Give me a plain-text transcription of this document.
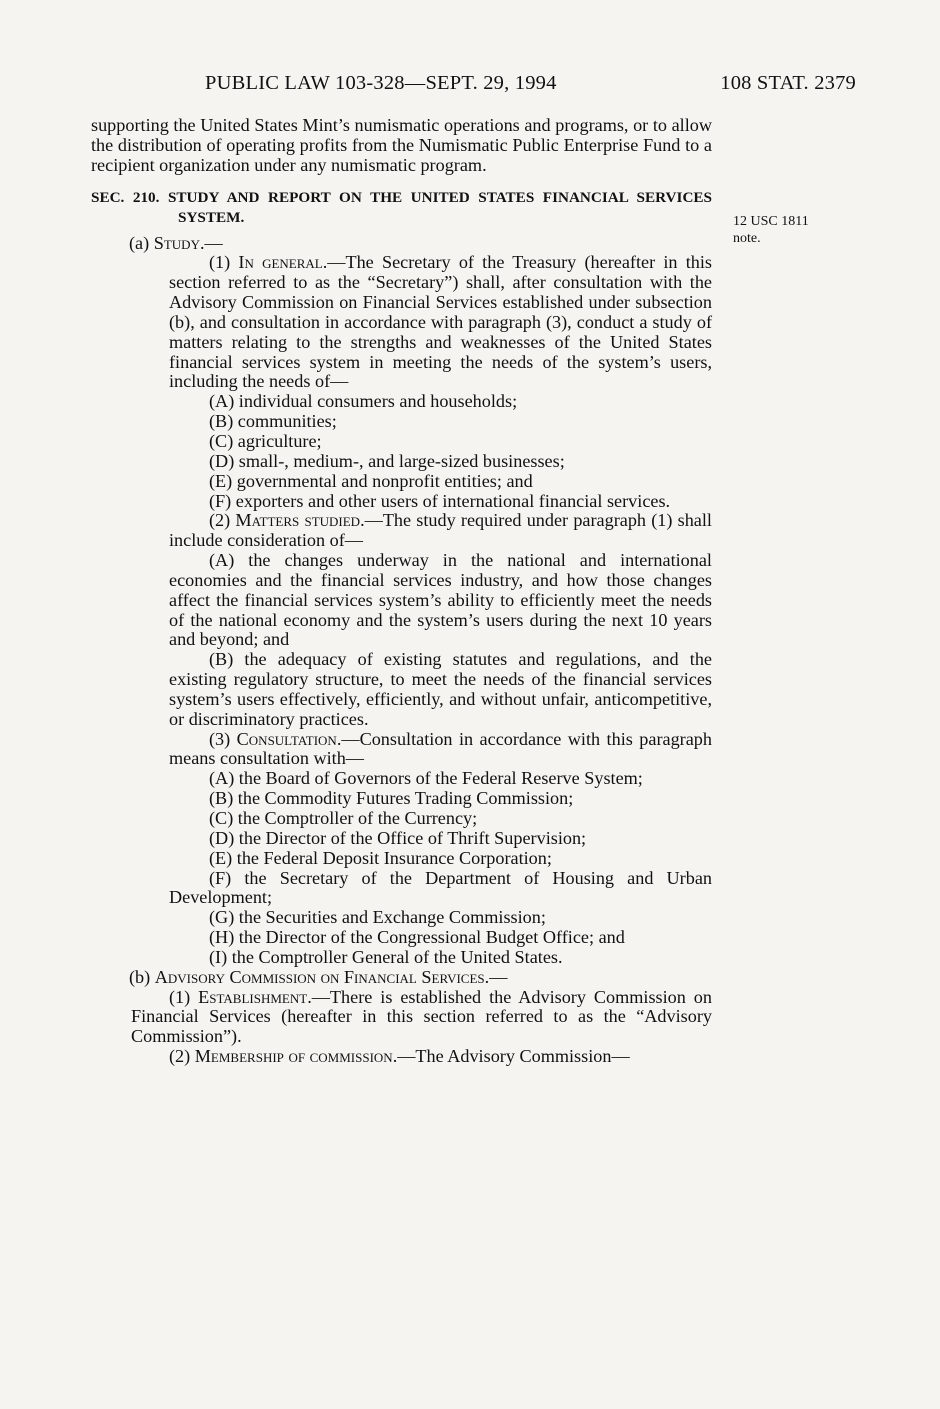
PUBLIC LAW 103-328—SEPT. 29, 1994	108 STAT. 2379
12 USC 1811
note.

supporting the United States Mint’s numismatic operations and programs, or to allow the distribution of operating profits from the Numismatic Public Enterprise Fund to a recipient organization under any numismatic program.

SEC. 210. STUDY AND REPORT ON THE UNITED STATES FINANCIAL SERVICES SYSTEM.

(a) Study.—

(1) In general.—The Secretary of the Treasury (hereafter in this section referred to as the “Secretary”) shall, after consultation with the Advisory Commission on Financial Services established under subsection (b), and consultation in accordance with paragraph (3), conduct a study of matters relating to the strengths and weaknesses of the United States financial services system in meeting the needs of the system’s users, including the needs of—

(A) individual consumers and households;

(B) communities;

(C) agriculture;

(D) small-, medium-, and large-sized businesses;

(E) governmental and nonprofit entities; and

(F) exporters and other users of international financial services.

(2) Matters studied.—The study required under paragraph (1) shall include consideration of—

(A) the changes underway in the national and international economies and the financial services industry, and how those changes affect the financial services system’s ability to efficiently meet the needs of the national economy and the system’s users during the next 10 years and beyond; and

(B) the adequacy of existing statutes and regulations, and the existing regulatory structure, to meet the needs of the financial services system’s users effectively, efficiently, and without unfair, anticompetitive, or discriminatory practices.

(3) Consultation.—Consultation in accordance with this paragraph means consultation with—

(A) the Board of Governors of the Federal Reserve System;

(B) the Commodity Futures Trading Commission;

(C) the Comptroller of the Currency;

(D) the Director of the Office of Thrift Supervision;

(E) the Federal Deposit Insurance Corporation;

(F) the Secretary of the Department of Housing and Urban Development;

(G) the Securities and Exchange Commission;

(H) the Director of the Congressional Budget Office; and

(I) the Comptroller General of the United States.

(b) Advisory Commission on Financial Services.—

(1) Establishment.—There is established the Advisory Commission on Financial Services (hereafter in this section referred to as the “Advisory Commission”).

(2) Membership of commission.—The Advisory Commission—
